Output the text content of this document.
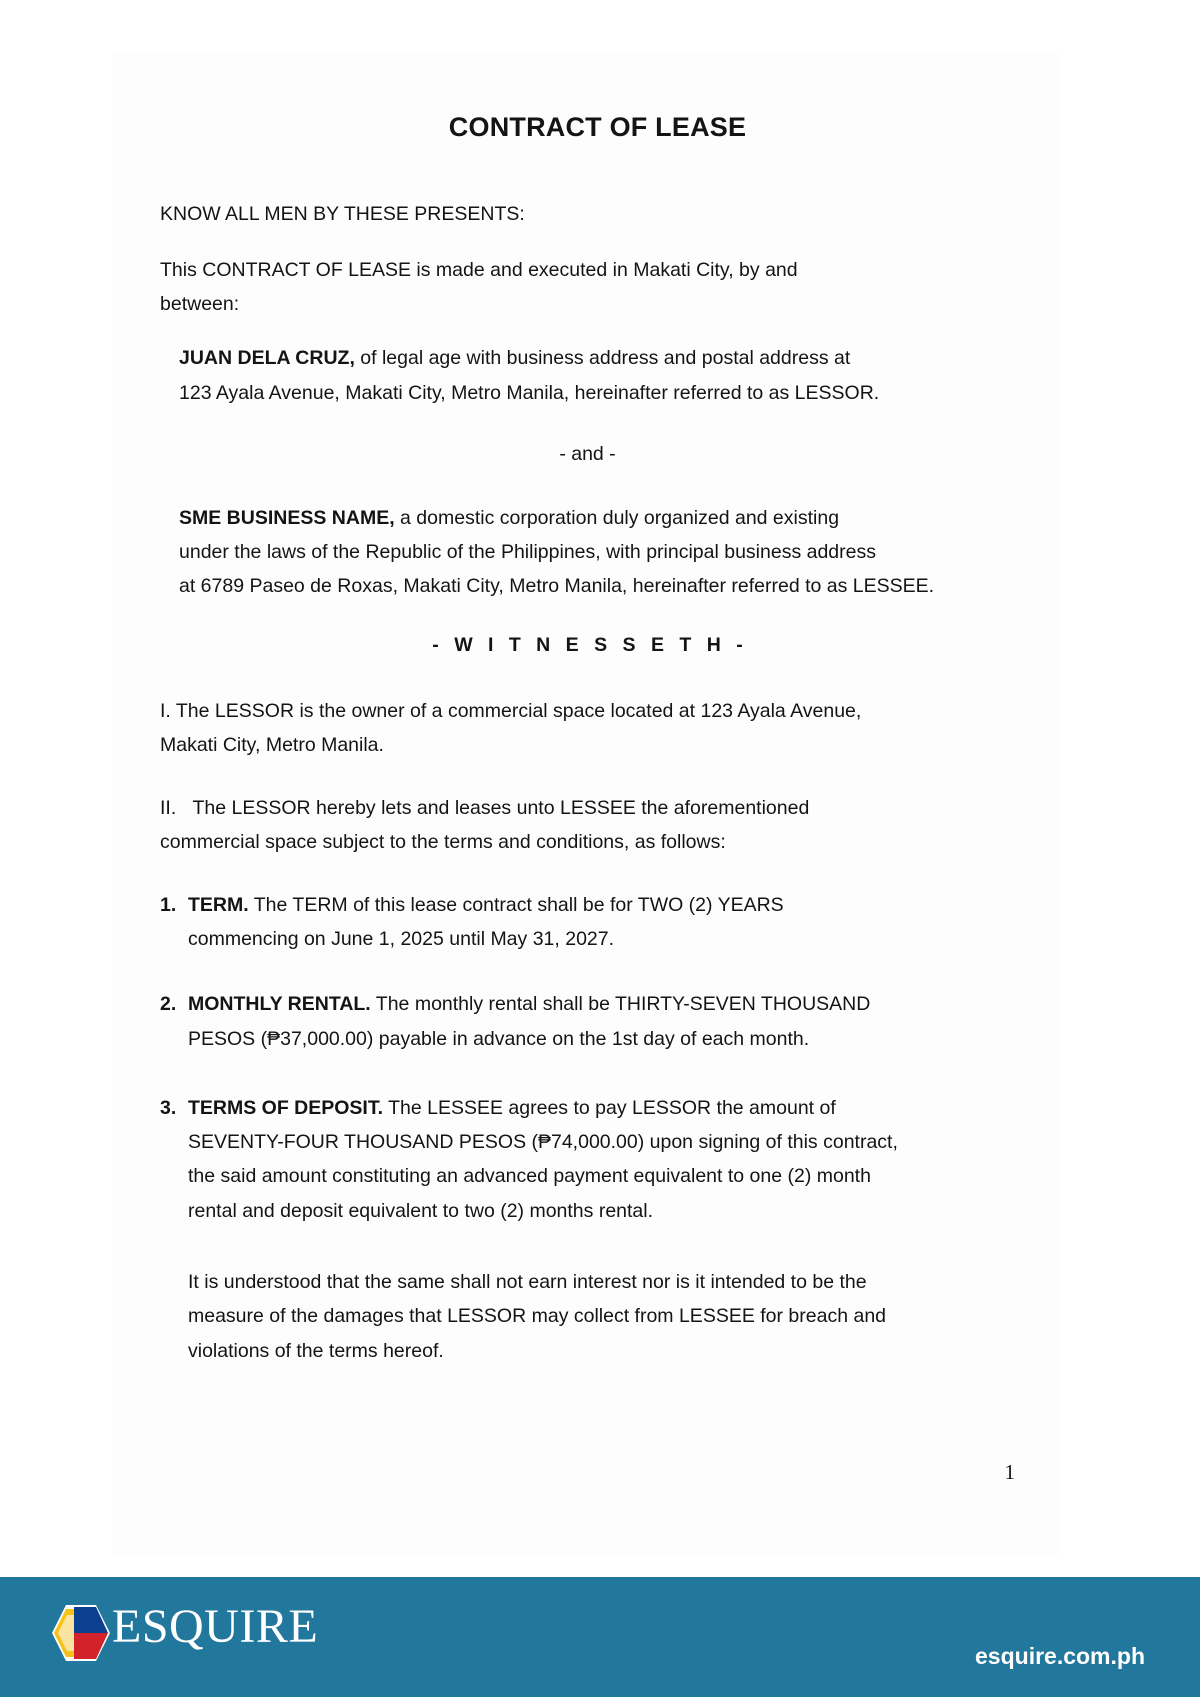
CONTRACT OF LEASE

KNOW ALL MEN BY THESE PRESENTS:

This CONTRACT OF LEASE is made and executed in Makati City, by and

between:

JUAN DELA CRUZ, of legal age with business address and postal address at

123 Ayala Avenue, Makati City, Metro Manila, hereinafter referred to as LESSOR.

- and -

SME BUSINESS NAME, a domestic corporation duly organized and existing

under the laws of the Republic of the Philippines, with principal business address

at 6789 Paseo de Roxas, Makati City, Metro Manila, hereinafter referred to as LESSEE.

- W I T N E S S E T H -

I. The LESSOR is the owner of a commercial space located at 123 Ayala Avenue,

Makati City, Metro Manila.

II.   The LESSOR hereby lets and leases unto LESSEE the aforementioned

commercial space subject to the terms and conditions, as follows:

1. TERM. The TERM of this lease contract shall be for TWO (2) YEARS

commencing on June 1, 2025 until May 31, 2027.

2. MONTHLY RENTAL. The monthly rental shall be THIRTY-SEVEN THOUSAND

PESOS (₱37,000.00) payable in advance on the 1st day of each month.

3. TERMS OF DEPOSIT. The LESSEE agrees to pay LESSOR the amount of

SEVENTY-FOUR THOUSAND PESOS (₱74,000.00) upon signing of this contract,

the said amount constituting an advanced payment equivalent to one (2) month

rental and deposit equivalent to two (2) months rental.

It is understood that the same shall not earn interest nor is it intended to be the

measure of the damages that LESSOR may collect from LESSEE for breach and

violations of the terms hereof.

1
ESQUIRE
esquire.com.ph
